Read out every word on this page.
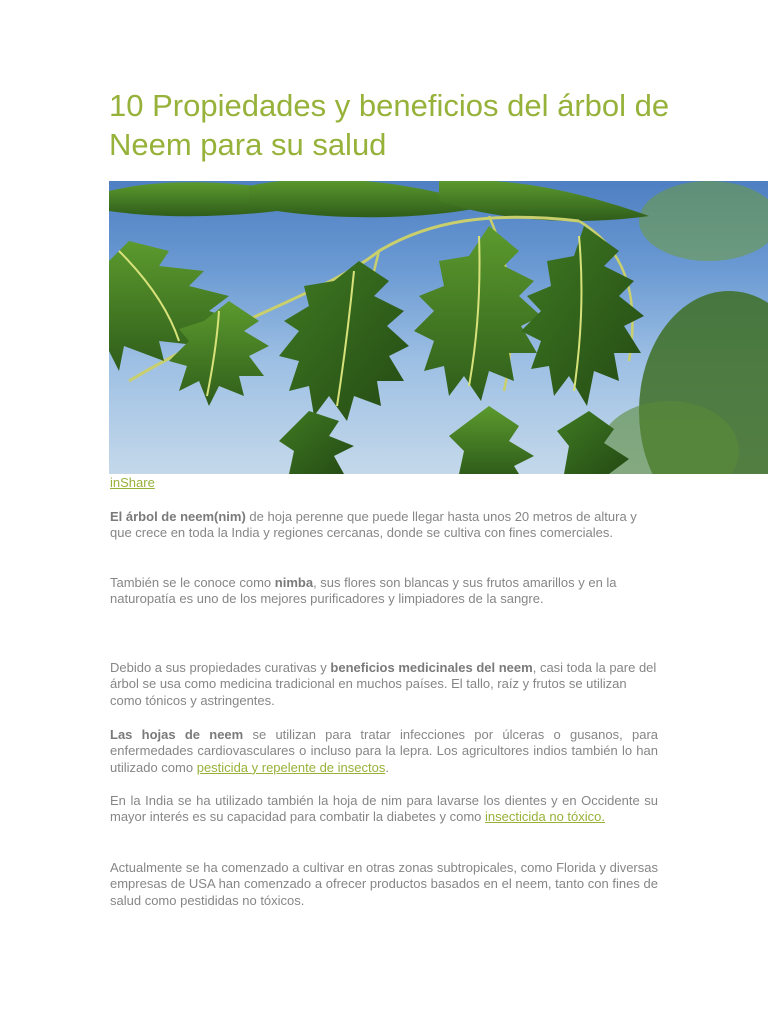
10 Propiedades y beneficios del árbol de Neem para su salud
inShare

El árbol de neem(nim) de hoja perenne que puede llegar hasta unos 20 metros de altura y que crece en toda la India y regiones cercanas, donde se cultiva con fines comerciales.

También se le conoce como nimba, sus flores son blancas y sus frutos amarillos y en la naturopatía es uno de los mejores purificadores y limpiadores de la sangre.

Debido a sus propiedades curativas y beneficios medicinales del neem, casi toda la pare del árbol se usa como medicina tradicional en muchos países. El tallo, raíz y frutos se utilizan como tónicos y astringentes.

Las hojas de neem se utilizan para tratar infecciones por úlceras o gusanos, para enfermedades cardiovasculares o incluso para la lepra. Los agricultores indios también lo han utilizado como pesticida y repelente de insectos.

En la India se ha utilizado también la hoja de nim para lavarse los dientes y en Occidente su mayor interés es su capacidad para combatir la diabetes y como insecticida no tóxico.

Actualmente se ha comenzado a cultivar en otras zonas subtropicales, como Florida y diversas empresas de USA han comenzado a ofrecer productos basados en el neem, tanto con fines de salud como pestididas no tóxicos.
